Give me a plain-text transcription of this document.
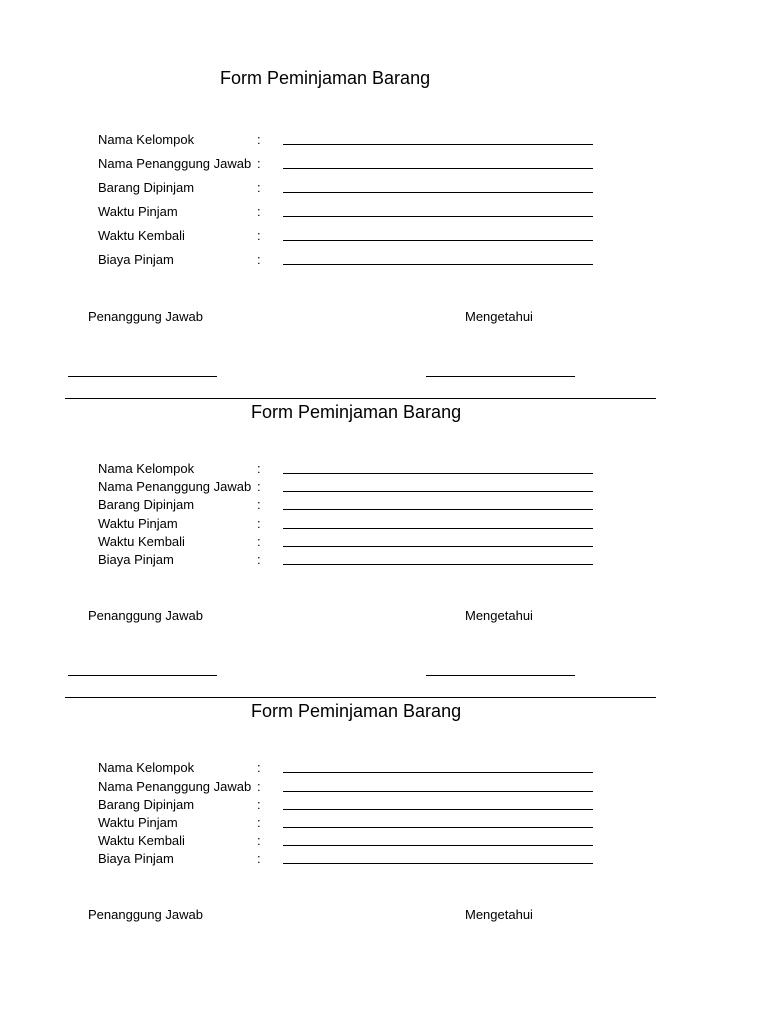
Form Peminjaman Barang
Nama Kelompok	:
Nama Penanggung Jawab :
Barang Dipinjam	:
Waktu Pinjam	:
Waktu Kembali	:
Biaya Pinjam	:
Penanggung Jawab	Mengetahui
Form Peminjaman Barang
Nama Kelompok	:
Nama Penanggung Jawab :
Barang Dipinjam	:
Waktu Pinjam	:
Waktu Kembali	:
Biaya Pinjam	:
Penanggung Jawab	Mengetahui
Form Peminjaman Barang
Nama Kelompok	:
Nama Penanggung Jawab :
Barang Dipinjam	:
Waktu Pinjam	:
Waktu Kembali	:
Biaya Pinjam	:
Penanggung Jawab	Mengetahui
